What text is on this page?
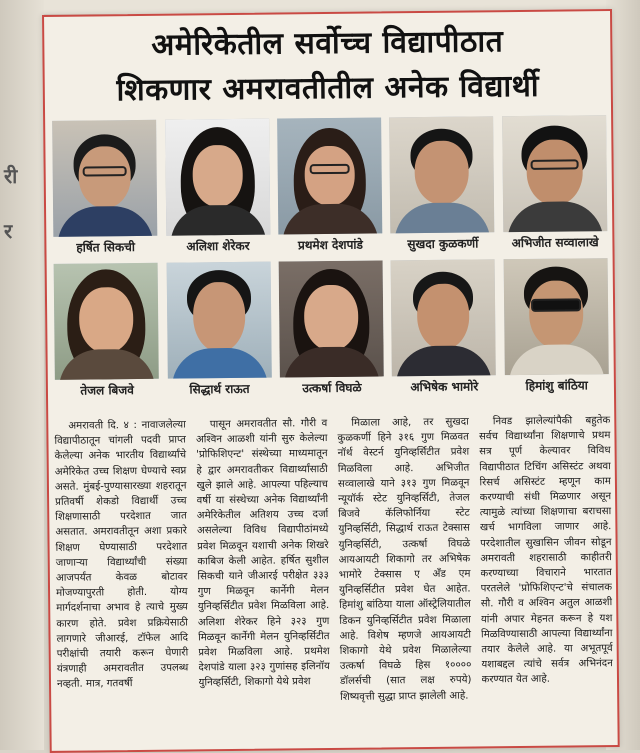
री
र
अमेरिकेतील सर्वोच्च विद्यापीठात
शिकणार अमरावतीतील अनेक विद्यार्थी
हर्षित सिकची	अलिशा शेरेकर	प्रथमेश देशपांडे	सुखदा कुळकर्णी	अभिजीत सव्वालाखे
तेजल बिजवे	सिद्धार्थ राऊत	उत्कर्षा विघळे	अभिषेक भामोरे	हिमांशु बांठिया

अमरावती दि. ४ : नावाजलेल्या विद्यापीठातून चांगली पदवी प्राप्त केलेल्या अनेक भारतीय विद्यार्थ्यांचे अमेरिकेत उच्च शिक्षण घेण्याचे स्वप्न असते. मुंबई-पुण्यासारख्या शहरातून प्रतिवर्षी शेकडो विद्यार्थी उच्च शिक्षणासाठी परदेशात जात असतात. अमरावतीतून अशा प्रकारे शिक्षण घेण्यासाठी परदेशात जाणाऱ्या विद्यार्थ्यांची संख्या आजपर्यंत केवळ बोटावर मोजण्यापुरती होती. योग्य मार्गदर्शनाचा अभाव हे त्याचे मुख्य कारण होते. प्रवेश प्रक्रियेसाठी लागणारे जीआरई, टॉफेल आदि परीक्षांची तयारी करून घेणारी यंत्रणाही अमरावतीत उपलब्ध नव्हती. मात्र, गतवर्षी

पासून अमरावतीत सौ. गौरी व अश्विन आळशी यांनी सुरु केलेल्या 'प्रोफिशिएन्ट' संस्थेच्या माध्यमातून हे द्वार अमरावतीकर विद्यार्थ्यांसाठी खुले झाले आहे. आपल्या पहिल्याच वर्षी या संस्थेच्या अनेक विद्यार्थ्यांनी अमेरिकेतील अतिशय उच्च दर्जा असलेल्या विविध विद्यापीठांमध्ये प्रवेश मिळवून यशाची अनेक शिखरे काबिज केली आहेत. हर्षित सुशील सिकची याने जीआरई परीक्षेत ३३३ गुण मिळवून कार्नेगी मेलन युनिव्हर्सिटीत प्रवेश मिळविला आहे. अलिशा शेरेकर हिने ३२३ गुण मिळवून कार्नेगी मेलन युनिव्हर्सिटीत प्रवेश मिळविला आहे. प्रथमेश देशपांडे याला ३२३ गुणांसह इलिनॉय युनिव्हर्सिटी, शिकागो येथे प्रवेश

मिळाला आहे, तर सुखदा कुळकर्णी हिने ३१६ गुण मिळवत नॉर्थ वेस्टर्न युनिव्हर्सिटीत प्रवेश मिळविला आहे. अभिजीत सव्वालाखे याने ३१३ गुण मिळवून न्यूयॉर्क स्टेट युनिव्हर्सिटी, तेजल बिजवे कॅलिफोर्निया स्टेट युनिव्हर्सिटी, सिद्धार्थ राऊत टेक्सास युनिव्हर्सिटी, उत्कर्षा विघळे आयआयटी शिकागो तर अभिषेक भामोरे टेक्सास ए अँड एम युनिव्हर्सिटीत प्रवेश घेत आहेत. हिमांशु बांठिया याला ऑस्ट्रेलियातील डिकन युनिव्हर्सिटीत प्रवेश मिळाला आहे. विशेष म्हणजे आयआयटी शिकागो येथे प्रवेश मिळालेल्या उत्कर्षा विघळे हिस १०००० डॉलर्सची (सात लक्ष रुपये) शिष्यवृत्ती सुद्धा प्राप्त झालेली आहे.

निवड झालेल्यांपैकी बहुतेक सर्वच विद्यार्थ्यांना शिक्षणाचे प्रथम सत्र पूर्ण केल्यावर विविध विद्यापीठात टिचिंग असिस्टंट अथवा रिसर्च असिस्टंट म्हणून काम करण्याची संधी मिळणार असून त्यामुळे त्यांच्या शिक्षणाचा बराचसा खर्च भागविला जाणार आहे. परदेशातील सुखासिन जीवन सोडून अमरावती शहरासाठी काहीतरी करण्याच्या विचाराने भारतात परतलेले 'प्रोफिशिएन्ट'चे संचालक सौ. गौरी व अश्विन अतुल आळशी यांनी अपार मेहनत करून हे यश मिळविण्यासाठी आपल्या विद्यार्थ्यांना तयार केलेले आहे. या अभूतपूर्व यशाबद्दल त्यांचे सर्वत्र अभिनंदन करण्यात येत आहे.
